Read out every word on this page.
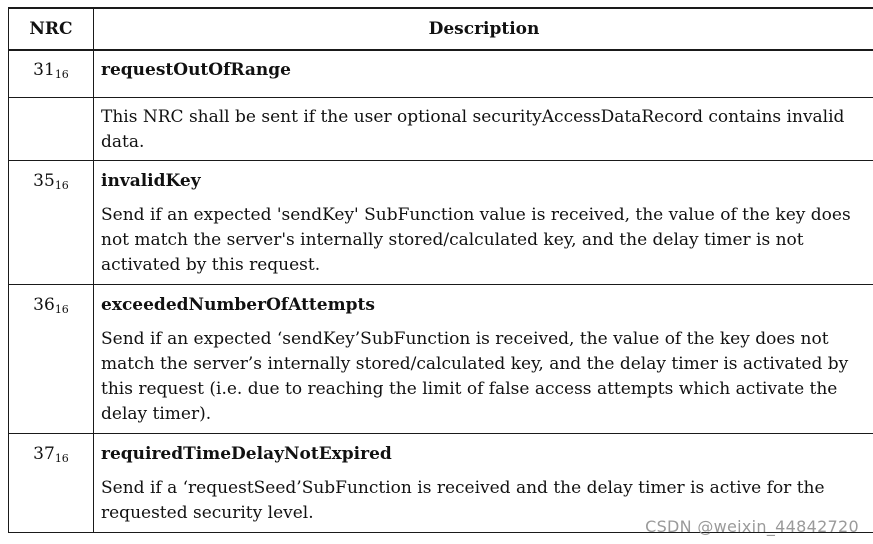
NRC	Description
3116	requestOutOfRange

	This NRC shall be sent if the user optional securityAccessDataRecord contains invalid data.

3516	invalidKey
Send if an expected 'sendKey' SubFunction value is received, the value of the key does not match the server's internally stored/calculated key, and the delay timer is not activated by this request.

3616	exceededNumberOfAttempts
Send if an expected ‘sendKey’SubFunction is received, the value of the key does not match the server’s internally stored/calculated key, and the delay timer is activated by this request (i.e. due to reaching the limit of false access attempts which activate the delay timer).

3716	requiredTimeDelayNotExpired
Send if a ‘requestSeed’SubFunction is received and the delay timer is active for the requested security level.
CSDN @weixin_44842720
